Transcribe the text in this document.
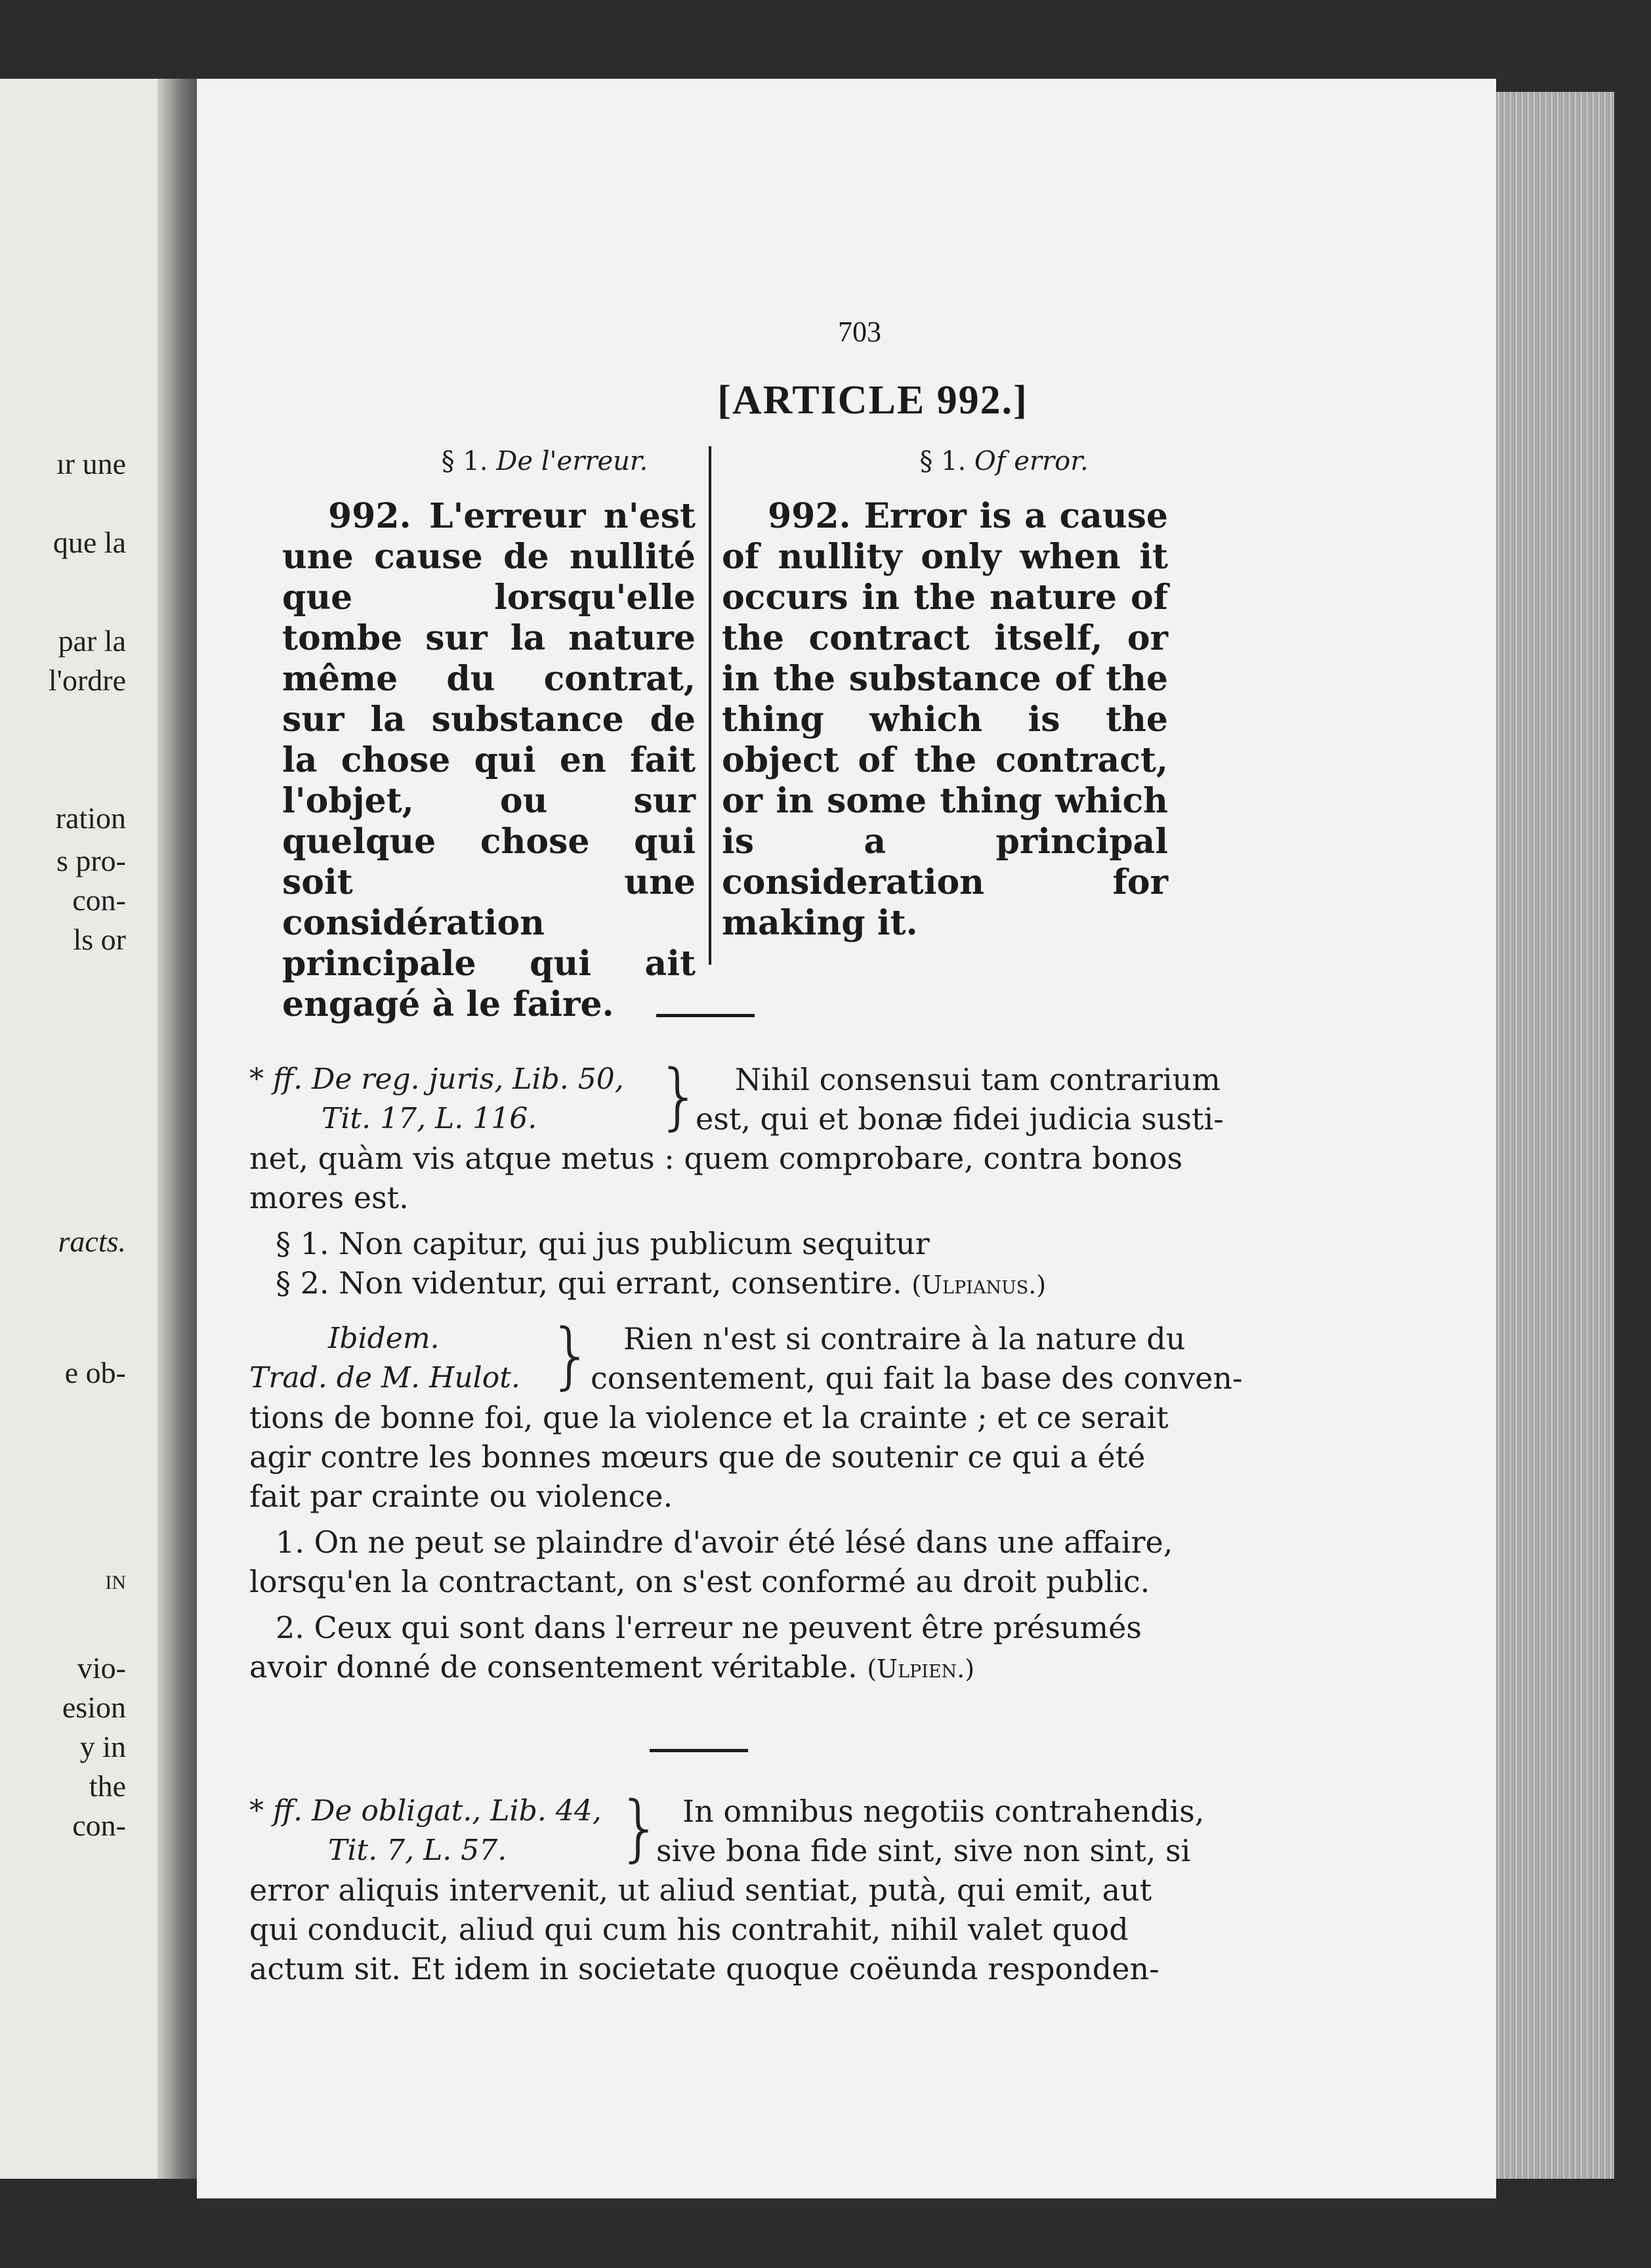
ır une
que la
par la
l'ordre
ration
s pro-
con-
ls or
racts.
e ob-
IN
vio-
esion
y in
the
con-
703
[ARTICLE 992.]
§ 1. De l'erreur.
992. L'erreur n'est une cause de nullité que lorsqu'elle tombe sur la nature même du contrat, sur la substance de la chose qui en fait l'objet, ou sur quelque chose qui soit une considération principale qui ait engagé à le faire.
§ 1. Of error.
992. Error is a cause of nullity only when it occurs in the nature of the contract itself, or in the substance of the thing which is the object of the contract, or in some thing which is a principal consideration for making it.
* ff. De reg. juris, Lib. 50,
Tit. 17, L. 116. } Nihil consensui tam contrarium
est, qui et bonæ fidei judicia susti-
net, quàm vis atque metus : quem comprobare, contra bonos
mores est.
§ 1. Non capitur, qui jus publicum sequitur
§ 2. Non videntur, qui errant, consentire. (Ulpianus.)
Ibidem.
Trad. de M. Hulot. } Rien n'est si contraire à la nature du
consentement, qui fait la base des conven-
tions de bonne foi, que la violence et la crainte ; et ce serait
agir contre les bonnes mœurs que de soutenir ce qui a été
fait par crainte ou violence.
1. On ne peut se plaindre d'avoir été lésé dans une affaire,
lorsqu'en la contractant, on s'est conformé au droit public.
2. Ceux qui sont dans l'erreur ne peuvent être présumés
avoir donné de consentement véritable. (Ulpien.)
* ff. De obligat., Lib. 44,
Tit. 7, L. 57. } In omnibus negotiis contrahendis,
sive bona fide sint, sive non sint, si
error aliquis intervenit, ut aliud sentiat, putà, qui emit, aut
qui conducit, aliud qui cum his contrahit, nihil valet quod
actum sit. Et idem in societate quoque coëunda responden-
